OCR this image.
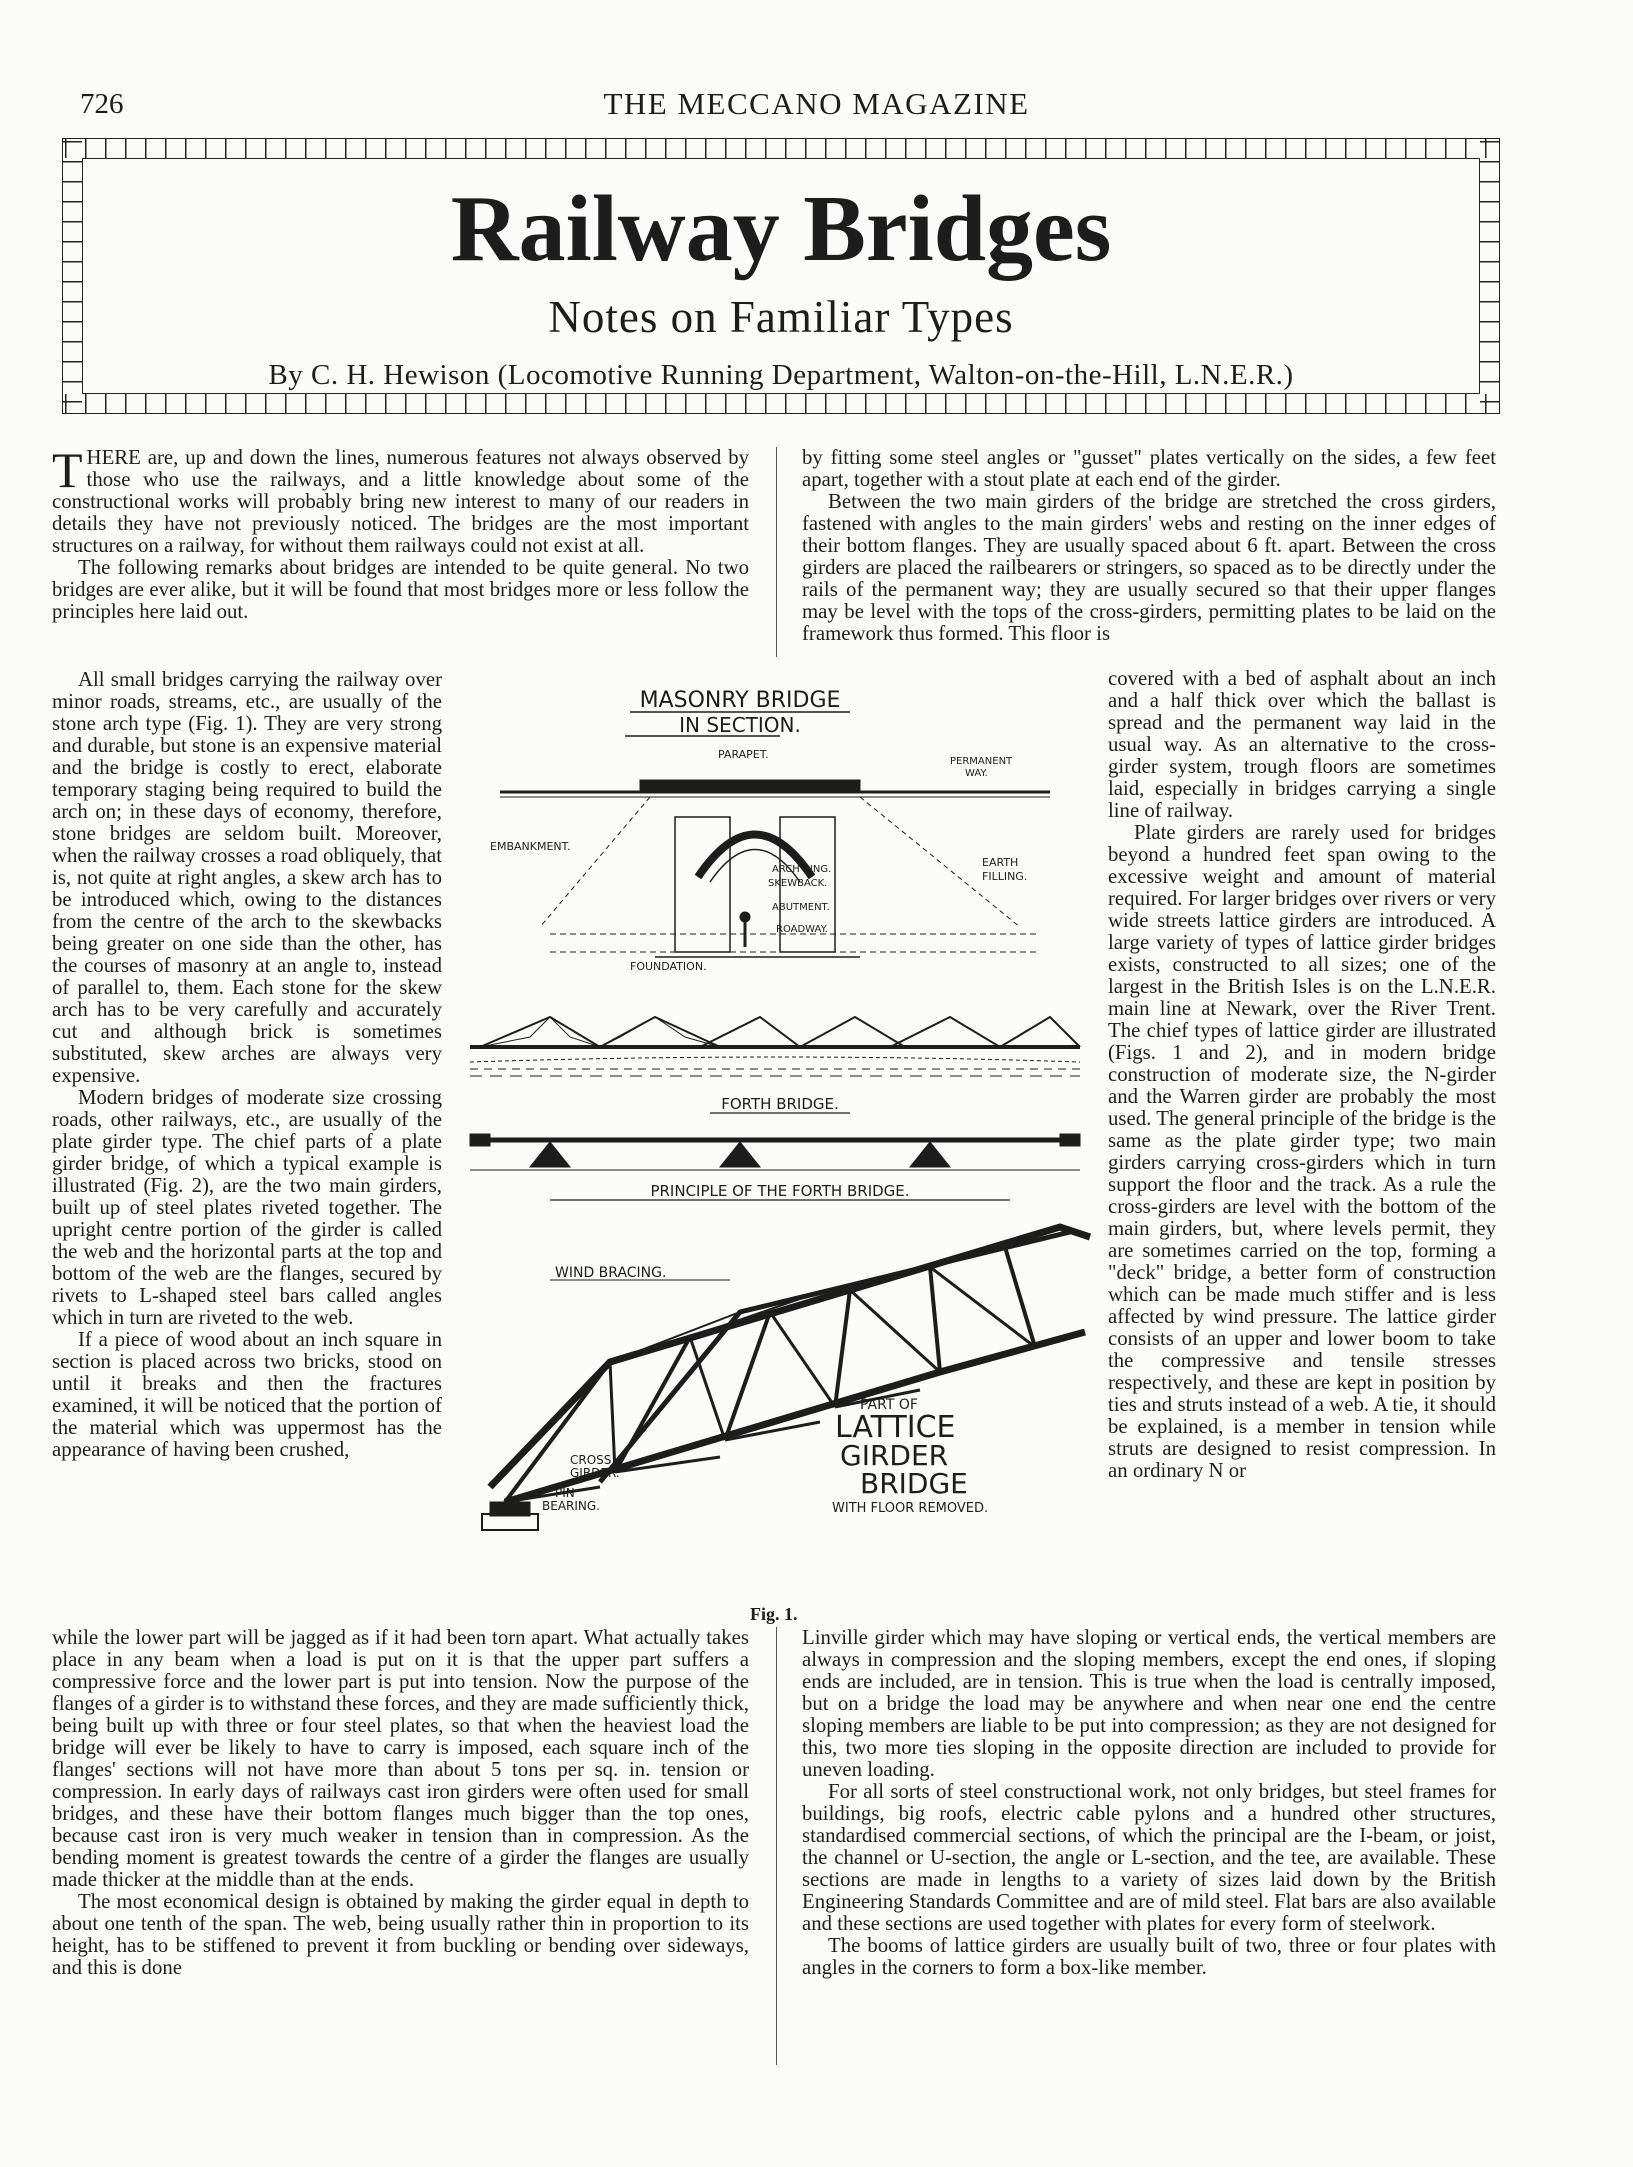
726	THE MECCANO MAGAZINE
Railway Bridges
Notes on Familiar Types
By C. H. Hewison (Locomotive Running Department, Walton-on-the-Hill, L.N.E.R.)

THERE are, up and down the lines, numerous features not always observed by those who use the railways, and a little knowledge about some of the constructional works will probably bring new interest to many of our readers in details they have not previously noticed. The bridges are the most important structures on a railway, for without them railways could not exist at all.

The following remarks about bridges are intended to be quite general. No two bridges are ever alike, but it will be found that most bridges more or less follow the principles here laid out.

All small bridges carrying the railway over minor roads, streams, etc., are usually of the stone arch type (Fig. 1). They are very strong and durable, but stone is an expensive material and the bridge is costly to erect, elaborate temporary staging being required to build the arch on; in these days of economy, therefore, stone bridges are seldom built. Moreover, when the railway crosses a road obliquely, that is, not quite at right angles, a skew arch has to be introduced which, owing to the distances from the centre of the arch to the skewbacks being greater on one side than the other, has the courses of masonry at an angle to, instead of parallel to, them. Each stone for the skew arch has to be very carefully and accurately cut and although brick is sometimes substituted, skew arches are always very expensive.

Modern bridges of moderate size crossing roads, other railways, etc., are usually of the plate girder type. The chief parts of a plate girder bridge, of which a typical example is illustrated (Fig. 2), are the two main girders, built up of steel plates riveted together. The upright centre portion of the girder is called the web and the horizontal parts at the top and bottom of the web are the flanges, secured by rivets to L-shaped steel bars called angles which in turn are riveted to the web.

If a piece of wood about an inch square in section is placed across two bricks, stood on until it breaks and then the fractures examined, it will be noticed that the portion of the material which was uppermost has the appearance of having been crushed,

while the lower part will be jagged as if it had been torn apart. What actually takes place in any beam when a load is put on it is that the upper part suffers a compressive force and the lower part is put into tension. Now the purpose of the flanges of a girder is to withstand these forces, and they are made sufficiently thick, being built up with three or four steel plates, so that when the heaviest load the bridge will ever be likely to have to carry is imposed, each square inch of the flanges' sections will not have more than about 5 tons per sq. in. tension or compression. In early days of railways cast iron girders were often used for small bridges, and these have their bottom flanges much bigger than the top ones, because cast iron is very much weaker in tension than in compression. As the bending moment is greatest towards the centre of a girder the flanges are usually made thicker at the middle than at the ends.

The most economical design is obtained by making the girder equal in depth to about one tenth of the span. The web, being usually rather thin in proportion to its height, has to be stiffened to prevent it from buckling or bending over sideways, and this is done

by fitting some steel angles or "gusset" plates vertically on the sides, a few feet apart, together with a stout plate at each end of the girder.

Between the two main girders of the bridge are stretched the cross girders, fastened with angles to the main girders' webs and resting on the inner edges of their bottom flanges. They are usually spaced about 6 ft. apart. Between the cross girders are placed the railbearers or stringers, so spaced as to be directly under the rails of the permanent way; they are usually secured so that their upper flanges may be level with the tops of the cross-girders, permitting plates to be laid on the framework thus formed. This floor is

covered with a bed of asphalt about an inch and a half thick over which the ballast is spread and the permanent way laid in the usual way. As an alternative to the cross-girder system, trough floors are sometimes laid, especially in bridges carrying a single line of railway.

Plate girders are rarely used for bridges beyond a hundred feet span owing to the excessive weight and amount of material required. For larger bridges over rivers or very wide streets lattice girders are introduced. A large variety of types of lattice girder bridges exists, constructed to all sizes; one of the largest in the British Isles is on the L.N.E.R. main line at Newark, over the River Trent. The chief types of lattice girder are illustrated (Figs. 1 and 2), and in modern bridge construction of moderate size, the N-girder and the Warren girder are probably the most used. The general principle of the bridge is the same as the plate girder type; two main girders carrying cross-girders which in turn support the floor and the track. As a rule the cross-girders are level with the bottom of the main girders, but, where levels permit, they are sometimes carried on the top, forming a "deck" bridge, a better form of construction which can be made much stiffer and is less affected by wind pressure. The lattice girder consists of an upper and lower boom to take the compressive and tensile stresses respectively, and these are kept in position by ties and struts instead of a web. A tie, it should be explained, is a member in tension while struts are designed to resist compression. In an ordinary N or

Linville girder which may have sloping or vertical ends, the vertical members are always in compression and the sloping members, except the end ones, if sloping ends are included, are in tension. This is true when the load is centrally imposed, but on a bridge the load may be anywhere and when near one end the centre sloping members are liable to be put into compression; as they are not designed for this, two more ties sloping in the opposite direction are included to provide for uneven loading.

For all sorts of steel constructional work, not only bridges, but steel frames for buildings, big roofs, electric cable pylons and a hundred other structures, standardised commercial sections, of which the principal are the I-beam, or joist, the channel or U-section, the angle or L-section, and the tee, are available. These sections are made in lengths to a variety of sizes laid down by the British Engineering Standards Committee and are of mild steel. Flat bars are also available and these sections are used together with plates for every form of steelwork.

The booms of lattice girders are usually built of two, three or four plates with angles in the corners to form a box-like member.

MASONRY BRIDGE
IN SECTION.
PARAPET.
PERMANENT
WAY.
EMBANKMENT.
ARCH RING.
SKEWBACK.
EARTH
FILLING.
ABUTMENT.
ROADWAY.
FOUNDATION.
FORTH BRIDGE.
PRINCIPLE OF THE FORTH BRIDGE.
WIND BRACING.
PART OF
LATTICE
GIRDER
BRIDGE
WITH FLOOR REMOVED.
CROSS
GIRDER.
PIN
BEARING.
Fig. 1.
